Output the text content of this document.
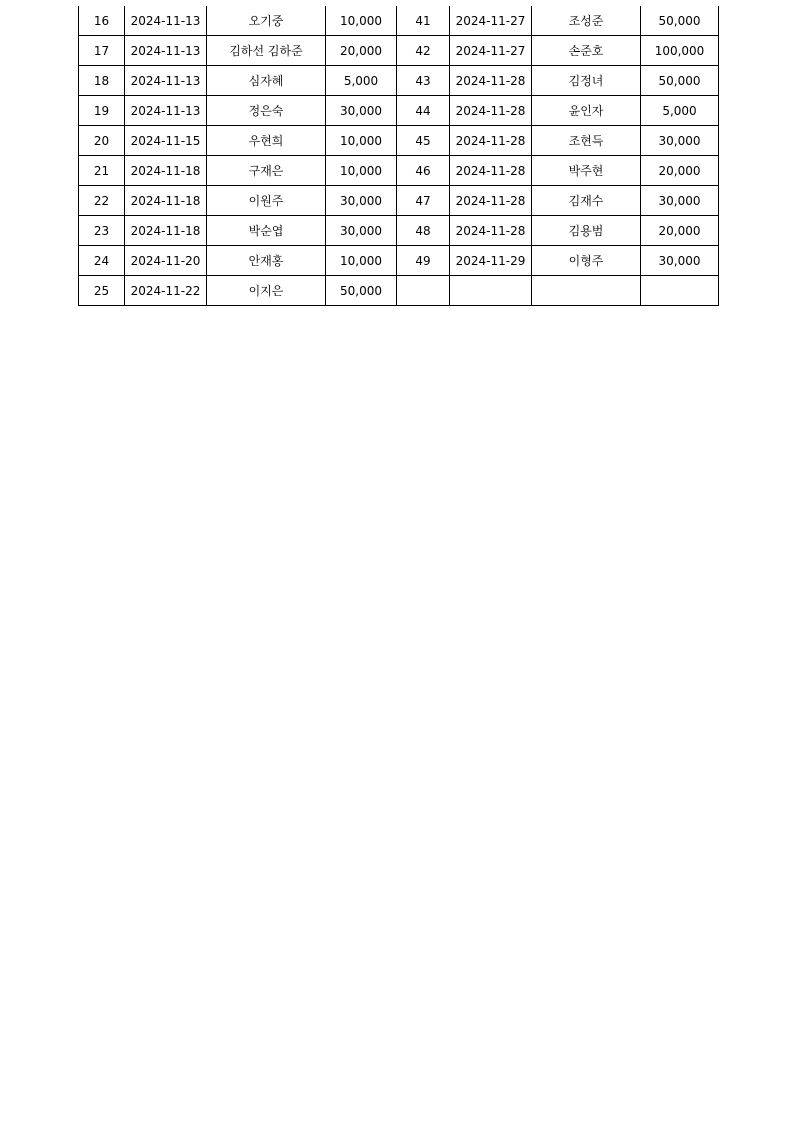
16	2024-11-13	오기중	10,000	41	2024-11-27	조성준	50,000
17	2024-11-13	김하선 김하준	20,000	42	2024-11-27	손준호	100,000
18	2024-11-13	심자혜	5,000	43	2024-11-28	김정녀	50,000
19	2024-11-13	정은숙	30,000	44	2024-11-28	윤인자	5,000
20	2024-11-15	우현희	10,000	45	2024-11-28	조현득	30,000
21	2024-11-18	구재은	10,000	46	2024-11-28	박주현	20,000
22	2024-11-18	이원주	30,000	47	2024-11-28	김재수	30,000
23	2024-11-18	박순엽	30,000	48	2024-11-28	김용범	20,000
24	2024-11-20	안재홍	10,000	49	2024-11-29	이형주	30,000
25	2024-11-22	이지은	50,000				
